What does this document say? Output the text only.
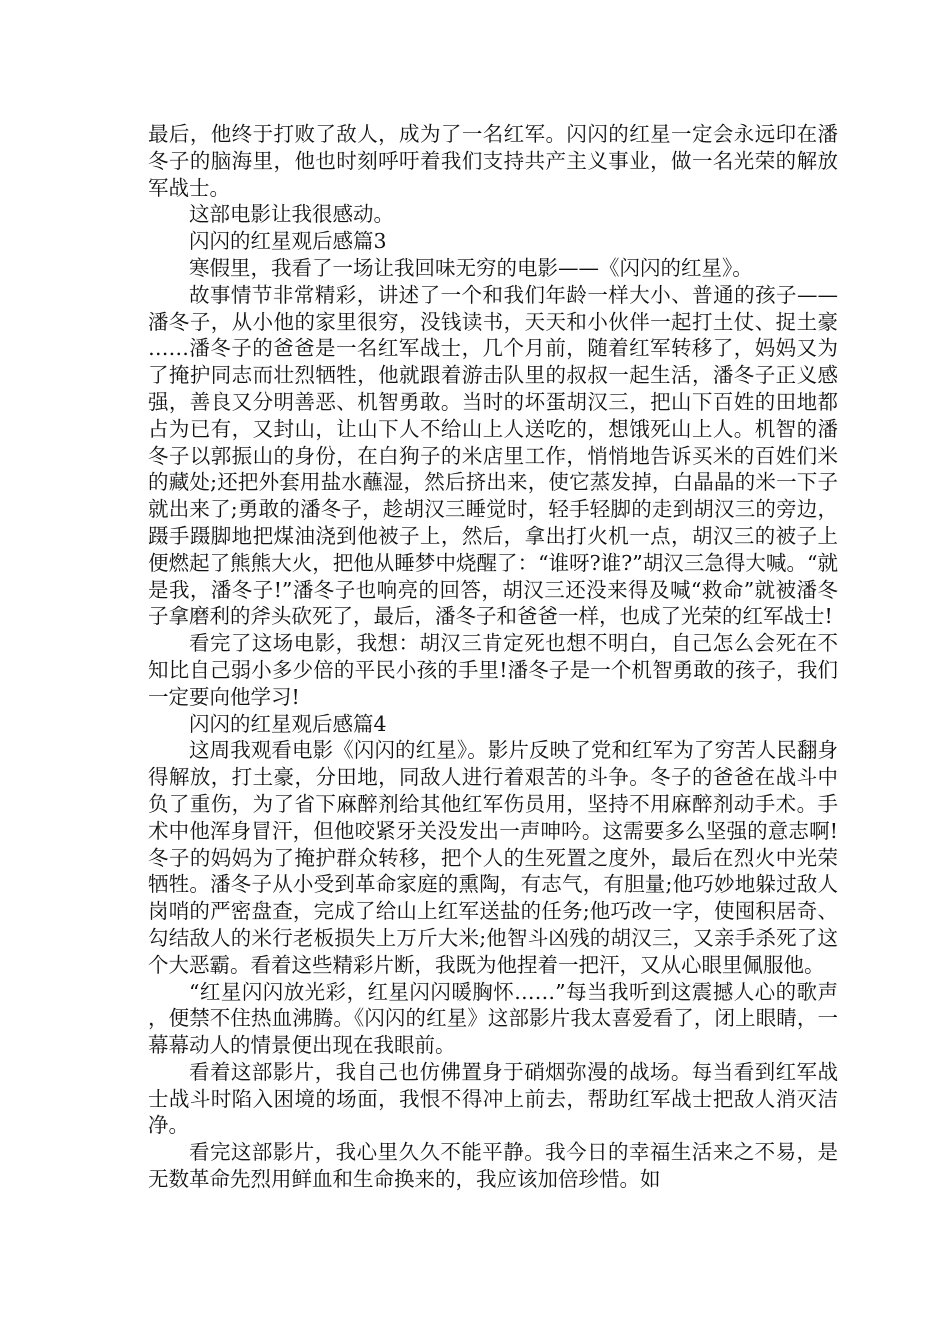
最后，他终于打败了敌人，成为了一名红军。闪闪的红星一定会永远印在潘冬子的脑海里，他也时刻呼吁着我们支持共产主义事业，做一名光荣的解放军战士。

这部电影让我很感动。

闪闪的红星观后感篇3

寒假里，我看了一场让我回味无穷的电影——《闪闪的红星》。

故事情节非常精彩，讲述了一个和我们年龄一样大小、普通的孩子——潘冬子，从小他的家里很穷，没钱读书，天天和小伙伴一起打土仗、捉土豪……潘冬子的爸爸是一名红军战士，几个月前，随着红军转移了，妈妈又为了掩护同志而壮烈牺牲，他就跟着游击队里的叔叔一起生活，潘冬子正义感强，善良又分明善恶、机智勇敢。当时的坏蛋胡汉三，把山下百姓的田地都占为已有，又封山，让山下人不给山上人送吃的，想饿死山上人。机智的潘冬子以郭振山的身份，在白狗子的米店里工作，悄悄地告诉买米的百姓们米的藏处;还把外套用盐水蘸湿，然后挤出来，使它蒸发掉，白晶晶的米一下子就出来了;勇敢的潘冬子，趁胡汉三睡觉时，轻手轻脚的走到胡汉三的旁边，蹑手蹑脚地把煤油浇到他被子上，然后，拿出打火机一点，胡汉三的被子上便燃起了熊熊大火，把他从睡梦中烧醒了：“谁呀?谁?”胡汉三急得大喊。“就是我，潘冬子!”潘冬子也响亮的回答，胡汉三还没来得及喊“救命”就被潘冬子拿磨利的斧头砍死了，最后，潘冬子和爸爸一样，也成了光荣的红军战士!

看完了这场电影，我想：胡汉三肯定死也想不明白，自己怎么会死在不知比自己弱小多少倍的平民小孩的手里!潘冬子是一个机智勇敢的孩子，我们一定要向他学习!

闪闪的红星观后感篇4

这周我观看电影《闪闪的红星》。影片反映了党和红军为了穷苦人民翻身得解放，打土豪，分田地，同敌人进行着艰苦的斗争。冬子的爸爸在战斗中负了重伤，为了省下麻醉剂给其他红军伤员用，坚持不用麻醉剂动手术。手术中他浑身冒汗，但他咬紧牙关没发出一声呻吟。这需要多么坚强的意志啊!冬子的妈妈为了掩护群众转移，把个人的生死置之度外，最后在烈火中光荣牺牲。潘冬子从小受到革命家庭的熏陶，有志气，有胆量;他巧妙地躲过敌人岗哨的严密盘查，完成了给山上红军送盐的任务;他巧改一字，使囤积居奇、勾结敌人的米行老板损失上万斤大米;他智斗凶残的胡汉三，又亲手杀死了这个大恶霸。看着这些精彩片断，我既为他捏着一把汗，又从心眼里佩服他。

“红星闪闪放光彩，红星闪闪暖胸怀……”每当我听到这震撼人心的歌声，便禁不住热血沸腾。《闪闪的红星》这部影片我太喜爱看了，闭上眼睛，一幕幕动人的情景便出现在我眼前。

看着这部影片，我自己也仿佛置身于硝烟弥漫的战场。每当看到红军战士战斗时陷入困境的场面，我恨不得冲上前去，帮助红军战士把敌人消灭洁净。

看完这部影片，我心里久久不能平静。我今日的幸福生活来之不易，是无数革命先烈用鲜血和生命换来的，我应该加倍珍惜。如
